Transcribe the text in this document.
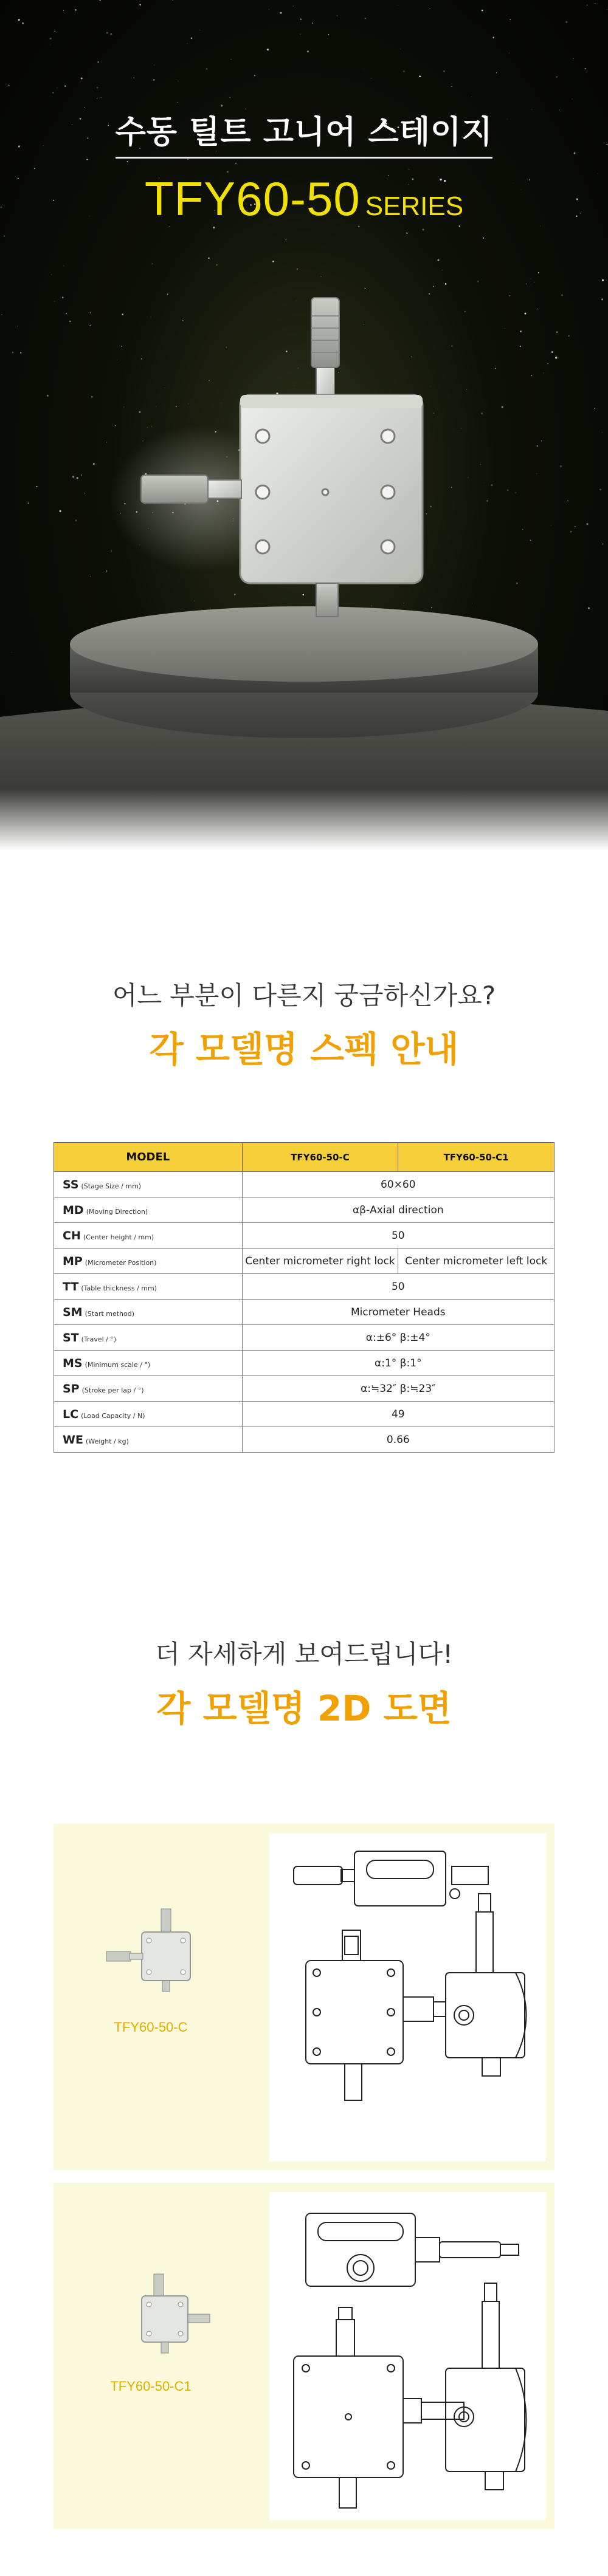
수동 틸트 고니어 스테이지
TFY60-50 SERIES
어느 부분이 다른지 궁금하신가요?
각 모델명 스펙 안내
MODEL	TFY60-50-C	TFY60-50-C1
SS (Stage Size / mm)	60×60	
MD (Moving Direction)	αβ-Axial direction	
CH (Center height / mm)	50	
MP (Micrometer Position)	Center micrometer right lock	Center micrometer left lock
TT (Table thickness / mm)	50	
SM (Start method)	Micrometer Heads	
ST (Travel / °)	α:±6° β:±4°	
MS (Minimum scale / °)	α:1° β:1°	
SP (Stroke per lap / °)	α:≒32″ β:≒23″	
LC (Load Capacity / N)	49	
WE (Weight / kg)	0.66	
더 자세하게 보여드립니다!
각 모델명 2D 도면
TFY60-50-C
TFY60-50-C1
